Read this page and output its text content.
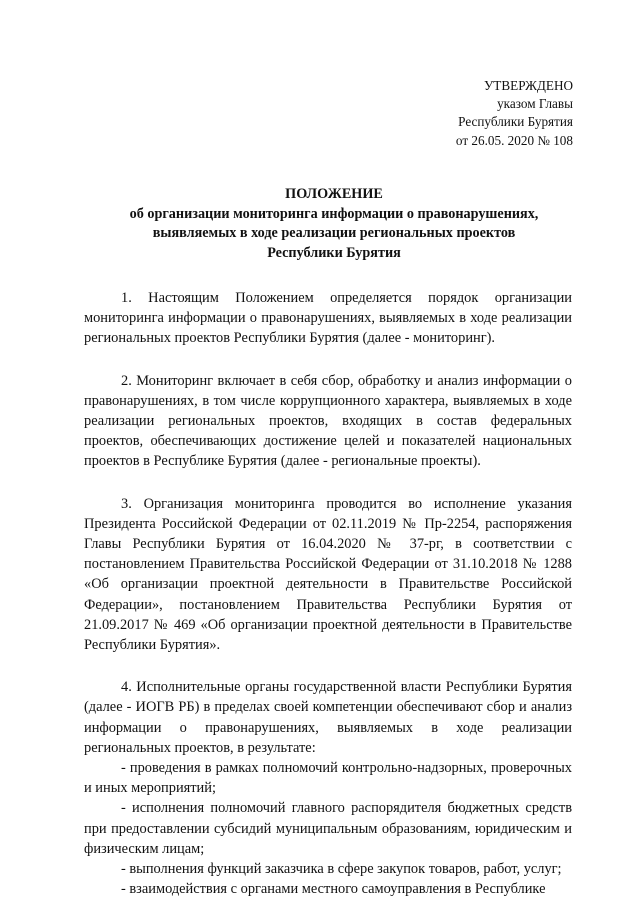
УТВЕРЖДЕНО
указом Главы
Республики Бурятия
от 26.05. 2020 № 108
ПОЛОЖЕНИЕ
об организации мониторинга информации о правонарушениях,
выявляемых в ходе реализации региональных проектов
Республики Бурятия

1. Настоящим Положением определяется порядок организации мониторинга информации о правонарушениях, выявляемых в ходе реализации региональных проектов Республики Бурятия (далее - мониторинг).

2. Мониторинг включает в себя сбор, обработку и анализ информации о правонарушениях, в том числе коррупционного характера, выявляемых в ходе реализации региональных проектов, входящих в состав федеральных проектов, обеспечивающих достижение целей и показателей национальных проектов в Республике Бурятия (далее - региональные проекты).

3. Организация мониторинга проводится во исполнение указания Президента Российской Федерации от 02.11.2019 № Пр-2254, распоряжения Главы Республики Бурятия от 16.04.2020 № 37-рг, в соответствии с постановлением Правительства Российской Федерации от 31.10.2018 № 1288 «Об организации проектной деятельности в Правительстве Российской Федерации», постановлением Правительства Республики Бурятия от 21.09.2017 № 469 «Об организации проектной деятельности в Правительстве Республики Бурятия».

4. Исполнительные органы государственной власти Республики Бурятия (далее - ИОГВ РБ) в пределах своей компетенции обеспечивают сбор и анализ информации о правонарушениях, выявляемых в ходе реализации региональных проектов, в результате:

- проведения в рамках полномочий контрольно-надзорных, проверочных и иных мероприятий;

- исполнения полномочий главного распорядителя бюджетных средств при предоставлении субсидий муниципальным образованиям, юридическим и физическим лицам;

- выполнения функций заказчика в сфере закупок товаров, работ, услуг;

- взаимодействия с органами местного самоуправления в Республике
